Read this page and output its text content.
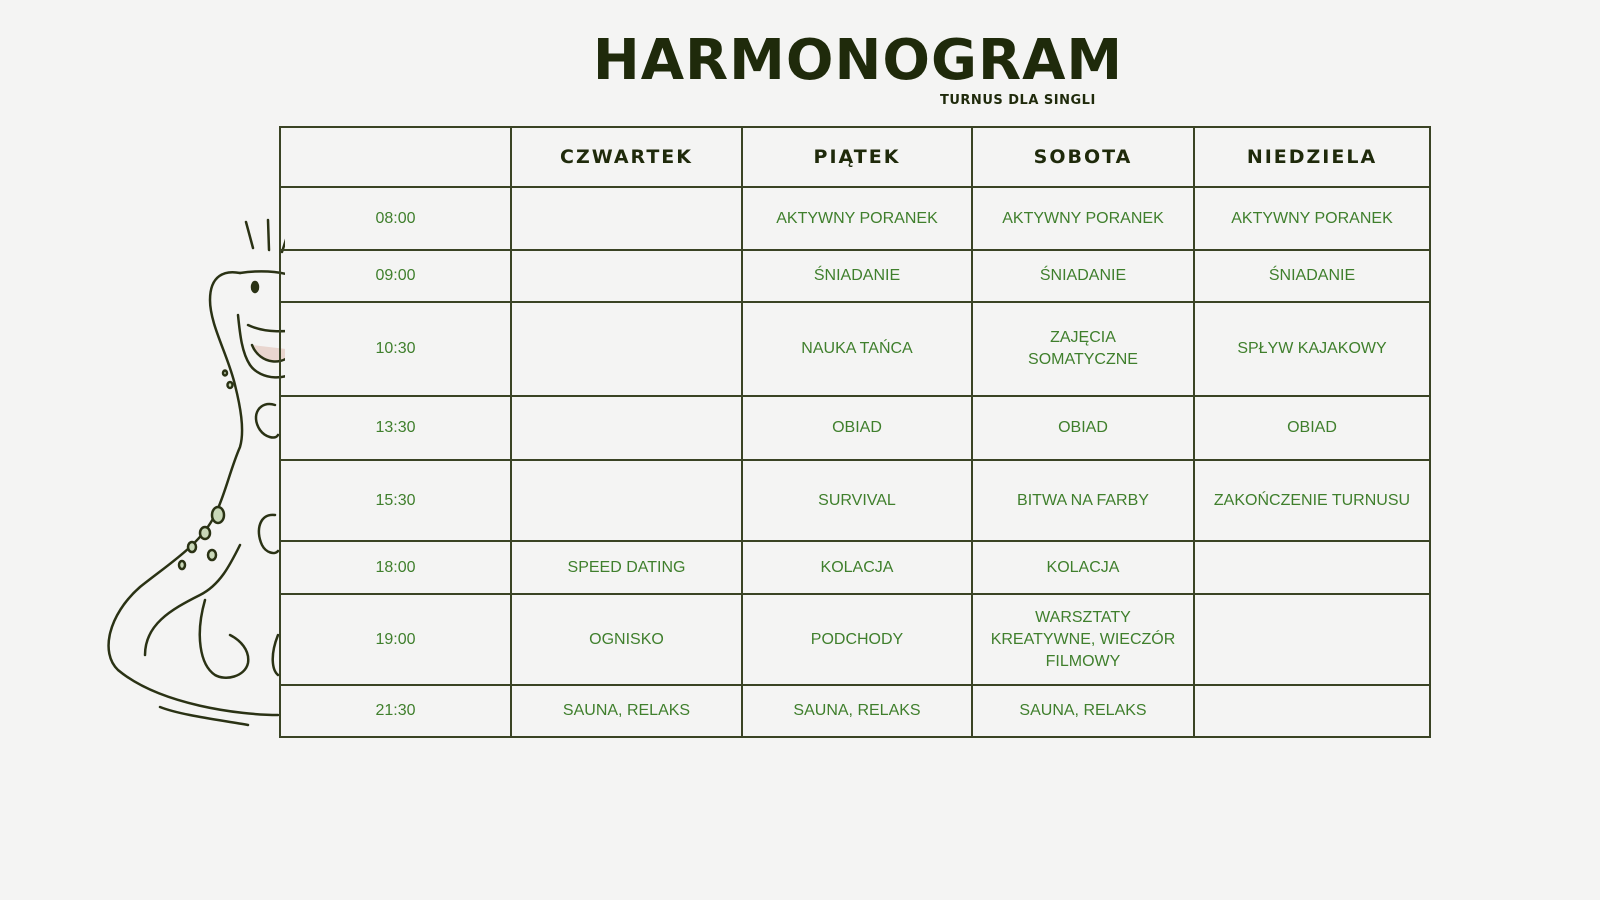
HARMONOGRAM
TURNUS DLA SINGLI
	CZWARTEK	PIĄTEK	SOBOTA	NIEDZIELA
08:00		AKTYWNY PORANEK	AKTYWNY PORANEK	AKTYWNY PORANEK
09:00		ŚNIADANIE	ŚNIADANIE	ŚNIADANIE
10:30		NAUKA TAŃCA	ZAJĘCIA SOMATYCZNE	SPŁYW KAJAKOWY
13:30		OBIAD	OBIAD	OBIAD
15:30		SURVIVAL	BITWA NA FARBY	ZAKOŃCZENIE TURNUSU
18:00	SPEED DATING	KOLACJA	KOLACJA	
19:00	OGNISKO	PODCHODY	WARSZTATY KREATYWNE, WIECZÓR FILMOWY	
21:30	SAUNA, RELAKS	SAUNA, RELAKS	SAUNA, RELAKS	
